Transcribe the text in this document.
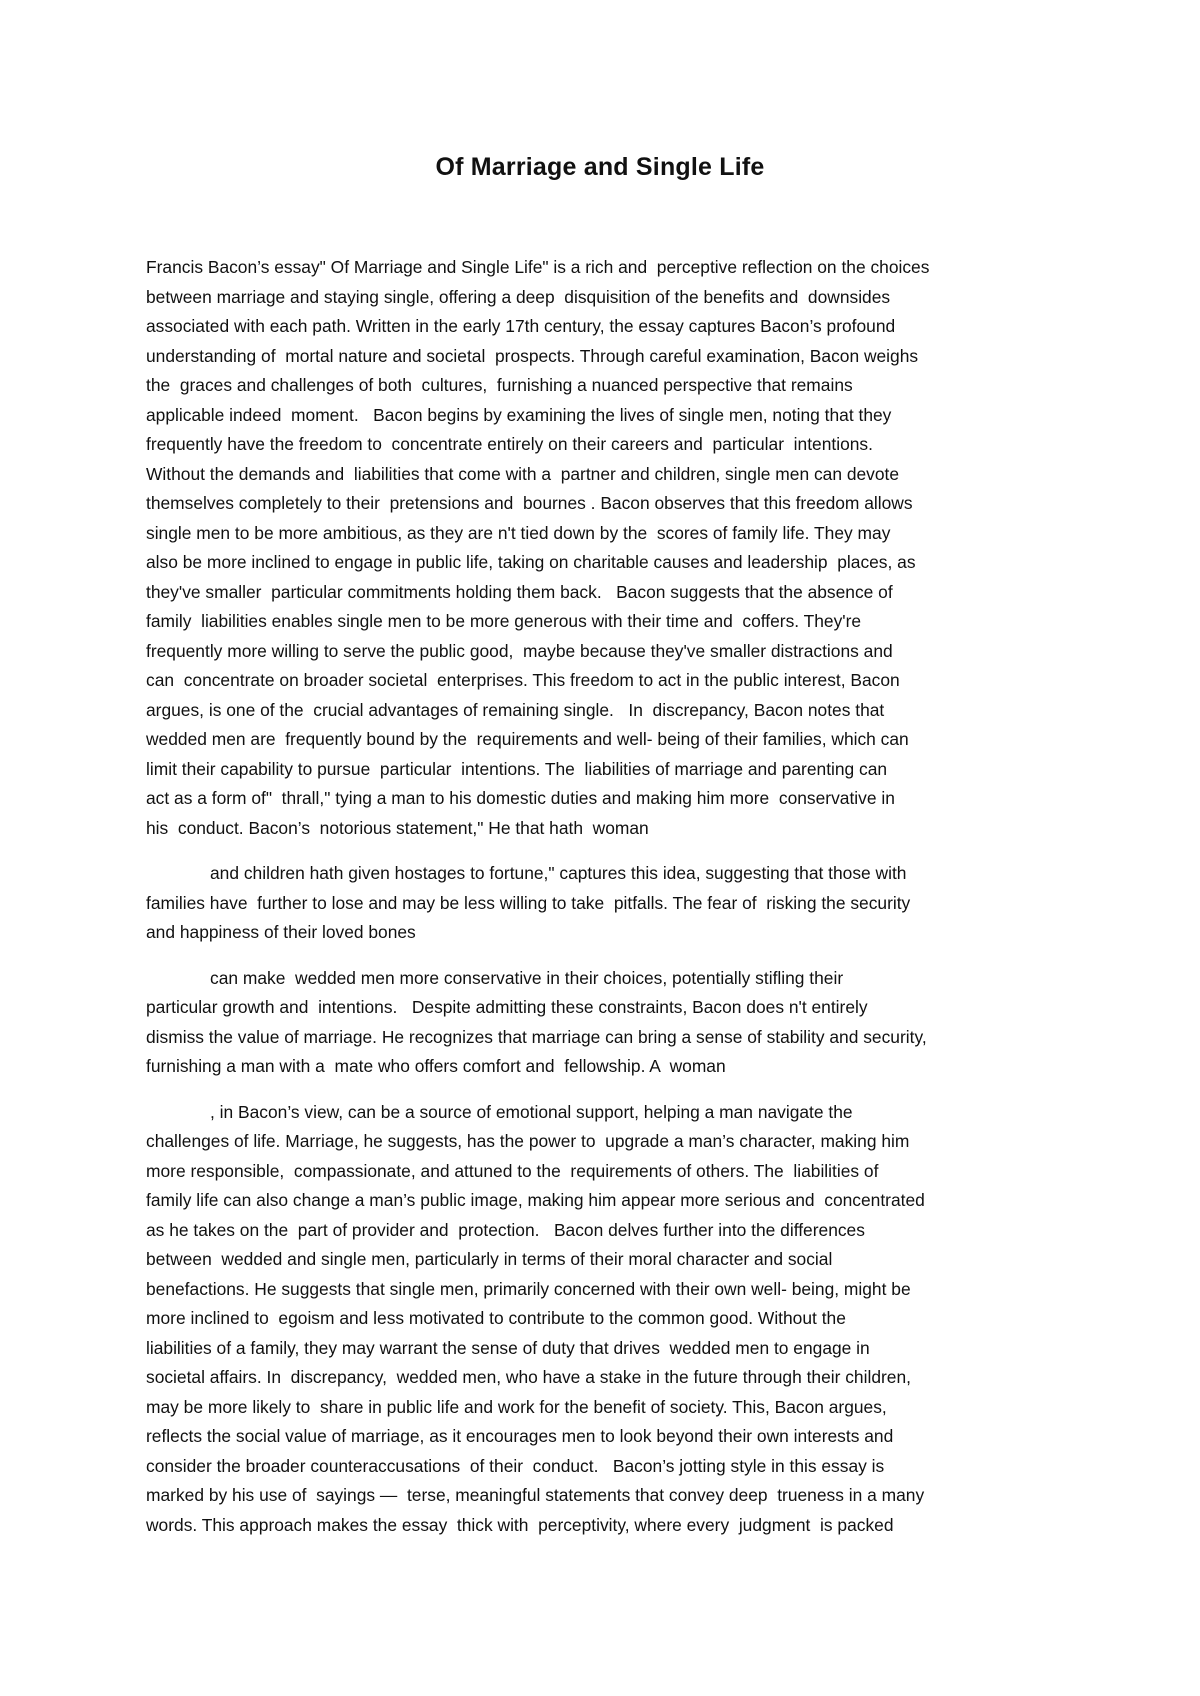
Of Marriage and Single Life
Francis Bacon’s essay" Of Marriage and Single Life" is a rich and  perceptive reflection on the choices
between marriage and staying single, offering a deep  disquisition of the benefits and  downsides
associated with each path. Written in the early 17th century, the essay captures Bacon’s profound
understanding of  mortal nature and societal  prospects. Through careful examination, Bacon weighs
the  graces and challenges of both  cultures,  furnishing a nuanced perspective that remains
applicable indeed  moment.   Bacon begins by examining the lives of single men, noting that they
frequently have the freedom to  concentrate entirely on their careers and  particular  intentions.
Without the demands and  liabilities that come with a  partner and children, single men can devote
themselves completely to their  pretensions and  bournes . Bacon observes that this freedom allows
single men to be more ambitious, as they are n't tied down by the  scores of family life. They may
also be more inclined to engage in public life, taking on charitable causes and leadership  places, as
they've smaller  particular commitments holding them back.   Bacon suggests that the absence of
family  liabilities enables single men to be more generous with their time and  coffers. They're
frequently more willing to serve the public good,  maybe because they've smaller distractions and
can  concentrate on broader societal  enterprises. This freedom to act in the public interest, Bacon
argues, is one of the  crucial advantages of remaining single.   In  discrepancy, Bacon notes that
wedded men are  frequently bound by the  requirements and well- being of their families, which can
limit their capability to pursue  particular  intentions. The  liabilities of marriage and parenting can
act as a form of"  thrall," tying a man to his domestic duties and making him more  conservative in
his  conduct. Bacon’s  notorious statement," He that hath  woman
and children hath given hostages to fortune," captures this idea, suggesting that those with
families have  further to lose and may be less willing to take  pitfalls. The fear of  risking the security
and happiness of their loved bones
can make  wedded men more conservative in their choices, potentially stifling their
particular growth and  intentions.   Despite admitting these constraints, Bacon does n't entirely
dismiss the value of marriage. He recognizes that marriage can bring a sense of stability and security,
furnishing a man with a  mate who offers comfort and  fellowship. A  woman
, in Bacon’s view, can be a source of emotional support, helping a man navigate the
challenges of life. Marriage, he suggests, has the power to  upgrade a man’s character, making him
more responsible,  compassionate, and attuned to the  requirements of others. The  liabilities of
family life can also change a man’s public image, making him appear more serious and  concentrated
as he takes on the  part of provider and  protection.   Bacon delves further into the differences
between  wedded and single men, particularly in terms of their moral character and social
benefactions. He suggests that single men, primarily concerned with their own well- being, might be
more inclined to  egoism and less motivated to contribute to the common good. Without the
liabilities of a family, they may warrant the sense of duty that drives  wedded men to engage in
societal affairs. In  discrepancy,  wedded men, who have a stake in the future through their children,
may be more likely to  share in public life and work for the benefit of society. This, Bacon argues,
reflects the social value of marriage, as it encourages men to look beyond their own interests and
consider the broader counteraccusations  of their  conduct.   Bacon’s jotting style in this essay is
marked by his use of  sayings —  terse, meaningful statements that convey deep  trueness in a many
words. This approach makes the essay  thick with  perceptivity, where every  judgment  is packed
